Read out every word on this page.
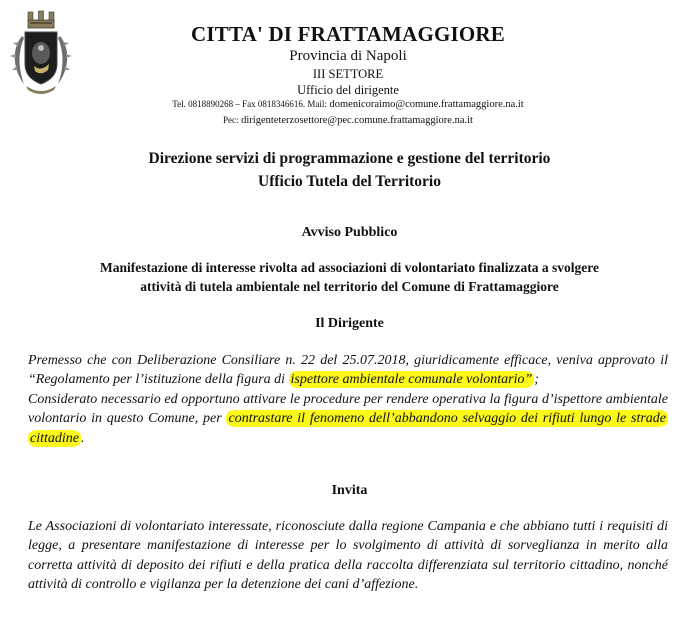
CITTA' DI FRATTAMAGGIORE
Provincia di Napoli
III SETTORE
Ufficio del dirigente
Tel. 0818890268 – Fax 0818346616. Mail: domenicoraimo@comune.frattamaggiore.na.it
Pec: dirigenteterzosettore@pec.comune.frattamaggiore.na.it
Direzione servizi di programmazione e gestione del territorio
Ufficio Tutela del Territorio
Avviso Pubblico
Manifestazione di interesse rivolta ad associazioni di volontariato finalizzata a svolgere
attività di tutela ambientale nel territorio del Comune di Frattamaggiore
Il Dirigente
Premesso che con Deliberazione Consiliare n. 22 del 25.07.2018, giuridicamente efficace, veniva approvato il “Regolamento per l’istituzione della figura di ispettore ambientale comunale volontario” ;
Considerato necessario ed opportuno attivare le procedure per rendere operativa la figura d’ispettore ambientale volontario in questo Comune, per contrastare il fenomeno dell’abbandono selvaggio dei rifiuti lungo le strade cittadine .
Invita
Le Associazioni di volontariato interessate, riconosciute dalla regione Campania e che abbiano tutti i requisiti di legge, a presentare manifestazione di interesse per lo svolgimento di attività di sorveglianza in merito alla corretta attività di deposito dei rifiuti e della pratica della raccolta differenziata sul territorio cittadino, nonché attività di controllo e vigilanza per la detenzione dei cani d’affezione.
